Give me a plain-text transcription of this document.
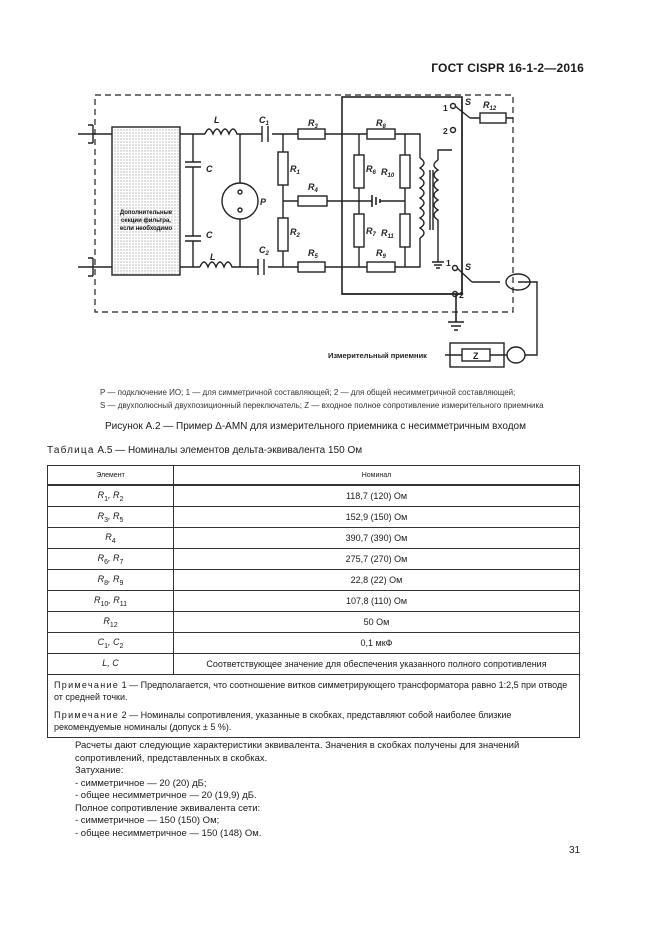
ГОСТ CISPR 16-1-2—2016
L
L
C
C
$C_1$
$C_2$
P
$R_3$
$R_1$
$R_4$
$R_2$
$R_5$
$R_8$
$R_9$
$R_6$
$R_7$
$R_{10}$
$R_{11}$
$R_{12}$
S
S
Z
1
2
1
2
Измерительный приемник
Дополнительные
секции фильтра,
если необходимо
P — подключение ИО; 1 — для симметричной составляющей; 2 — для общей несимметричной составляющей;
S — двухполюсный двухпозиционный переключатель; Z — входное полное сопротивление измерительного приемника
Рисунок А.2 — Пример Δ-AMN для измерительного приемника с несимметричным входом
Таблица А.5 — Номиналы элементов дельта-эквивалента 150 Ом
Элемент	Номинал
$R_1$, $R_2$	118,7 (120) Ом
$R_3$, $R_5$	152,9 (150) Ом
$R_4$	390,7 (390) Ом
$R_6$, $R_7$	275,7 (270) Ом
$R_8$, $R_9$	22,8 (22) Ом
$R_{10}$, $R_{11}$	107,8 (110) Ом
$R_{12}$	50 Ом
$C_1$, $C_2$	0,1 мкФ
L, C	Соответствующее значение для обеспечения указанного полного сопротивления

Примечание 1 — Предполагается, что соотношение витков симметрирующего трансформатора равно 1:2,5 при отводе от средней точки.

Примечание 2 — Номиналы сопротивления, указанные в скобках, представляют собой наиболее близкие рекомендуемые номиналы (допуск ± 5 %).	

Расчеты дают следующие характеристики эквивалента. Значения в скобках получены для значений сопротивлений, представленных в скобках.

Затухание:

- симметричное — 20 (20) дБ;

- общее несимметричное — 20 (19,9) дБ.

Полное сопротивление эквивалента сети:

- симметричное — 150 (150) Ом;

- общее несимметричное — 150 (148) Ом.

31
